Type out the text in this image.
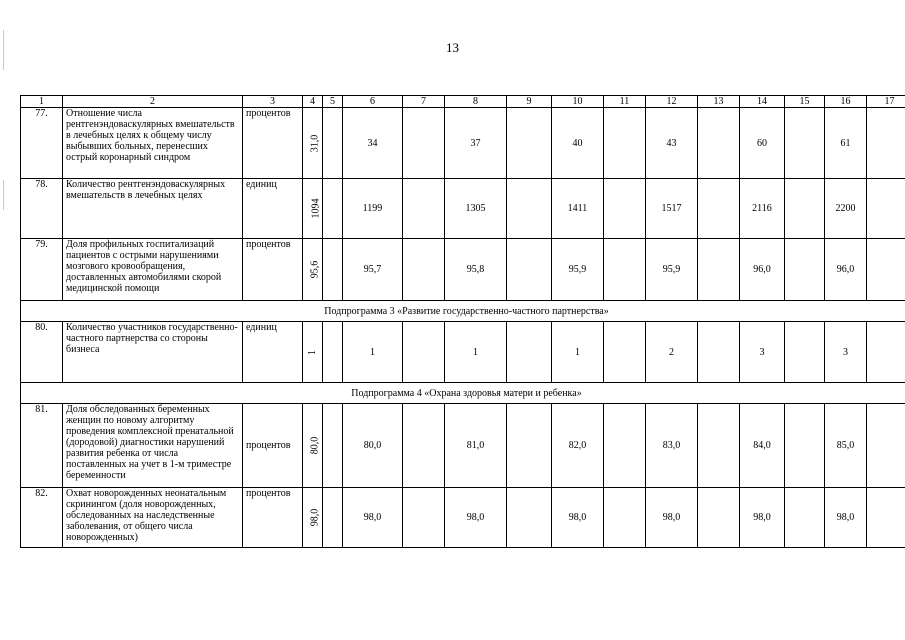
13
1	2	3	4	5	6	7	8	9	10	11	12	13	14	15	16	17
77.	Отношение числа рентгенэндоваскулярных вмешательств в лечебных целях к общему числу выбывших больных, перенесших острый коронарный синдром	процентов	31,0		34		37		40		43		60		61	
78.	Количество рентгенэндоваскулярных вмешательств в лечебных целях	единиц	1094		1199		1305		1411		1517		2116		2200	
79.	Доля профильных госпитализаций пациентов с острыми нарушениями мозгового кровообращения, доставленных автомобилями скорой медицинской помощи	процентов	95,6		95,7		95,8		95,9		95,9		96,0		96,0	
Подпрограмма 3 «Развитие государственно-частного партнерства»																
80.	Количество участников государственно-частного партнерства со стороны бизнеса	единиц	1		1		1		1		2		3		3	
Подпрограмма 4 «Охрана здоровья матери и ребенка»																
81.	Доля обследованных беременных женщин по новому алгоритму проведения комплексной пренатальной (дородовой) диагностики нарушений развития ребенка от числа поставленных на учет в 1-м триместре беременности	процентов	80,0		80,0		81,0		82,0		83,0		84,0		85,0	
82.	Охват новорожденных неонатальным скринингом (доля новорожденных, обследованных на наследственные заболевания, от общего числа новорожденных)	процентов	98,0		98,0		98,0		98,0		98,0		98,0		98,0	
